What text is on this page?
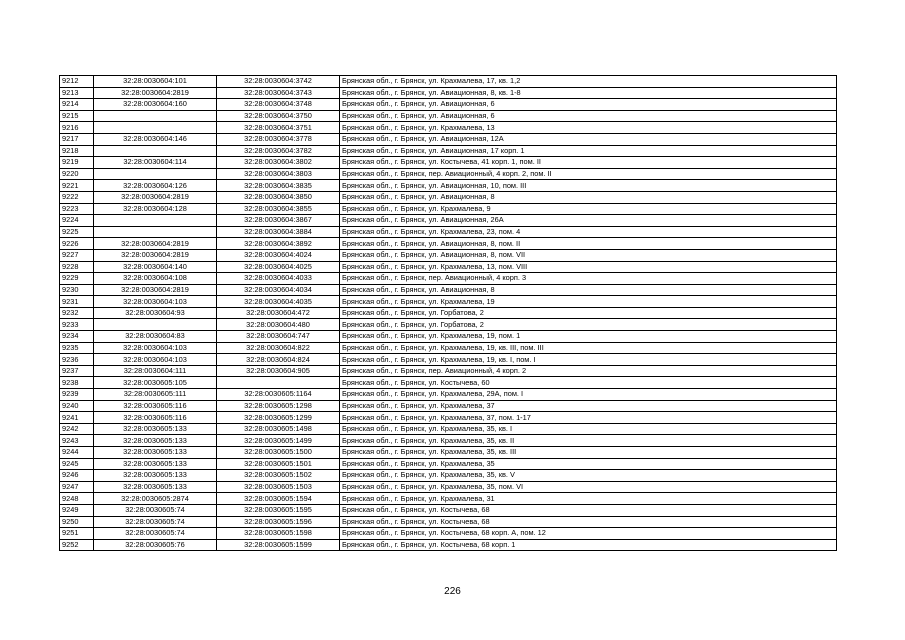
9212	32:28:0030604:101	32:28:0030604:3742	Брянская обл., г. Брянск, ул. Крахмалева, 17, кв. 1,2
9213	32:28:0030604:2819	32:28:0030604:3743	Брянская обл., г. Брянск, ул. Авиационная, 8, кв. 1-8
9214	32:28:0030604:160	32:28:0030604:3748	Брянская обл., г. Брянск, ул. Авиационная, 6
9215		32:28:0030604:3750	Брянская обл., г. Брянск, ул. Авиационная, 6
9216		32:28:0030604:3751	Брянская обл., г. Брянск, ул. Крахмалева, 13
9217	32:28:0030604:146	32:28:0030604:3778	Брянская обл., г. Брянск, ул. Авиационная, 12А
9218		32:28:0030604:3782	Брянская обл., г. Брянск, ул. Авиационная, 17 корп. 1
9219	32:28:0030604:114	32:28:0030604:3802	Брянская обл., г. Брянск, ул. Костычева, 41 корп. 1, пом. II
9220		32:28:0030604:3803	Брянская обл., г. Брянск, пер. Авиационный, 4 корп. 2, пом. II
9221	32:28:0030604:126	32:28:0030604:3835	Брянская обл., г. Брянск, ул. Авиационная, 10, пом. III
9222	32:28:0030604:2819	32:28:0030604:3850	Брянская обл., г. Брянск, ул. Авиационная, 8
9223	32:28:0030604:128	32:28:0030604:3855	Брянская обл., г. Брянск, ул. Крахмалева, 9
9224		32:28:0030604:3867	Брянская обл., г. Брянск, ул. Авиационная, 26А
9225		32:28:0030604:3884	Брянская обл., г. Брянск, ул. Крахмалева, 23, пом. 4
9226	32:28:0030604:2819	32:28:0030604:3892	Брянская обл., г. Брянск, ул. Авиационная, 8, пом. II
9227	32:28:0030604:2819	32:28:0030604:4024	Брянская обл., г. Брянск, ул. Авиационная, 8, пом. VII
9228	32:28:0030604:140	32:28:0030604:4025	Брянская обл., г. Брянск, ул. Крахмалева, 13, пом. VIII
9229	32:28:0030604:108	32:28:0030604:4033	Брянская обл., г. Брянск, пер. Авиационный, 4 корп. 3
9230	32:28:0030604:2819	32:28:0030604:4034	Брянская обл., г. Брянск, ул. Авиационная, 8
9231	32:28:0030604:103	32:28:0030604:4035	Брянская обл., г. Брянск, ул. Крахмалева, 19
9232	32:28:0030604:93	32:28:0030604:472	Брянская обл., г. Брянск, ул. Горбатова, 2
9233		32:28:0030604:480	Брянская обл., г. Брянск, ул. Горбатова, 2
9234	32:28:0030604:83	32:28:0030604:747	Брянская обл., г. Брянск, ул. Крахмалева, 19, пом. 1
9235	32:28:0030604:103	32:28:0030604:822	Брянская обл., г. Брянск, ул. Крахмалева, 19, кв. III, пом. III
9236	32:28:0030604:103	32:28:0030604:824	Брянская обл., г. Брянск, ул. Крахмалева, 19, кв. I, пом. I
9237	32:28:0030604:111	32:28:0030604:905	Брянская обл., г. Брянск, пер. Авиационный, 4 корп. 2
9238	32:28:0030605:105		Брянская обл., г. Брянск, ул. Костычева, 60
9239	32:28:0030605:111	32:28:0030605:1164	Брянская обл., г. Брянск, ул. Крахмалева, 29А, пом. I
9240	32:28:0030605:116	32:28:0030605:1298	Брянская обл., г. Брянск, ул. Крахмалева, 37
9241	32:28:0030605:116	32:28:0030605:1299	Брянская обл., г. Брянск, ул. Крахмалева, 37, пом. 1-17
9242	32:28:0030605:133	32:28:0030605:1498	Брянская обл., г. Брянск, ул. Крахмалева, 35, кв. I
9243	32:28:0030605:133	32:28:0030605:1499	Брянская обл., г. Брянск, ул. Крахмалева, 35, кв. II
9244	32:28:0030605:133	32:28:0030605:1500	Брянская обл., г. Брянск, ул. Крахмалева, 35, кв. III
9245	32:28:0030605:133	32:28:0030605:1501	Брянская обл., г. Брянск, ул. Крахмалева, 35
9246	32:28:0030605:133	32:28:0030605:1502	Брянская обл., г. Брянск, ул. Крахмалева, 35, кв. V
9247	32:28:0030605:133	32:28:0030605:1503	Брянская обл., г. Брянск, ул. Крахмалева, 35, пом. VI
9248	32:28:0030605:2874	32:28:0030605:1594	Брянская обл., г. Брянск, ул. Крахмалева, 31
9249	32:28:0030605:74	32:28:0030605:1595	Брянская обл., г. Брянск, ул. Костычева, 68
9250	32:28:0030605:74	32:28:0030605:1596	Брянская обл., г. Брянск, ул. Костычева, 68
9251	32:28:0030605:74	32:28:0030605:1598	Брянская обл., г. Брянск, ул. Костычева, 68 корп. А, пом. 12
9252	32:28:0030605:76	32:28:0030605:1599	Брянская обл., г. Брянск, ул. Костычева, 68 корп. 1
226
